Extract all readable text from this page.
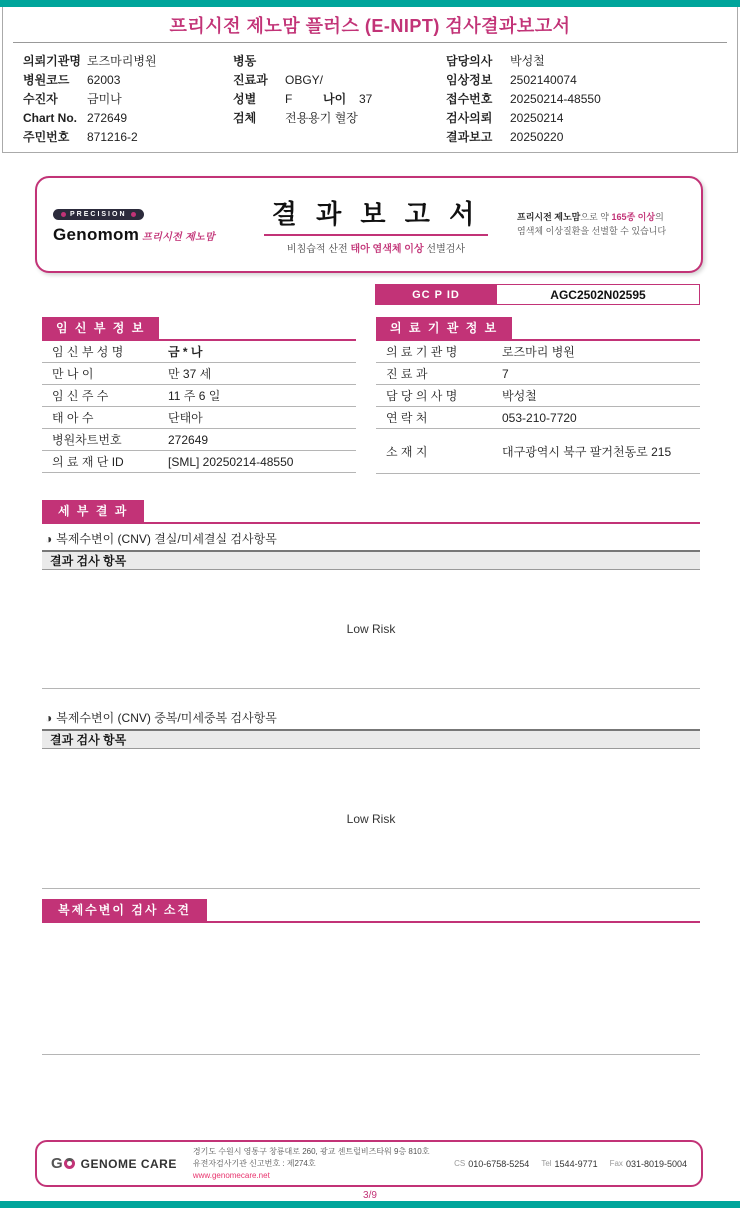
프리시전 제노맘 플러스 (E-NIPT) 검사결과보고서
의뢰기관명 로즈마리병원
병원코드	62003
수진자	금미나
Chart No. 272649
주민번호	871216-2
병동
진료과	OBGY/
성별	F	나이	37
검체	전용용기 혈장
담당의사	박성철
임상정보	2502140074
접수번호	20250214-48550
검사의뢰	20250214
결과보고	20250220
PRECISION
Genomom 프리시전 제노맘
결 과 보 고 서
비침습적 산전 태아 염색체 이상 선별검사
프리시전 제노맘으로 약 165종 이상의
염색체 이상질환을 선별할 수 있습니다
GC P ID	AGC2502N02595
임 신 부 정 보
임 신 부 성 명	금 * 나
만 나 이	만 37 세
임 신 주 수	11 주 6 일
태 아 수	단태아
병원차트번호	272649
의 료 재 단 ID	[SML] 20250214-48550
의 료 기 관 정 보
의 료 기 관 명	로즈마리 병원
진 료 과	7
담 당 의 사 명	박성철
연 락 처	053-210-7720
소 재 지	대구광역시 북구 팔거천동로 215
세 부 결 과
◑ 복제수변이 (CNV) 결실/미세결실 검사항목
결과 검사 항목
Low Risk
◑ 복제수변이 (CNV) 중복/미세중복 검사항목
결과 검사 항목
Low Risk
복제수변이 검사 소견
G GENOME CARE
경기도 수원시 영통구 창룡대로 260, 광교 센트럴비즈타워 9층 810호
유전자검사기관 신고번호 : 제274호
www.genomecare.net
CS 010-6758-5254 Tel 1544-9771 Fax 031-8019-5004
3/9
